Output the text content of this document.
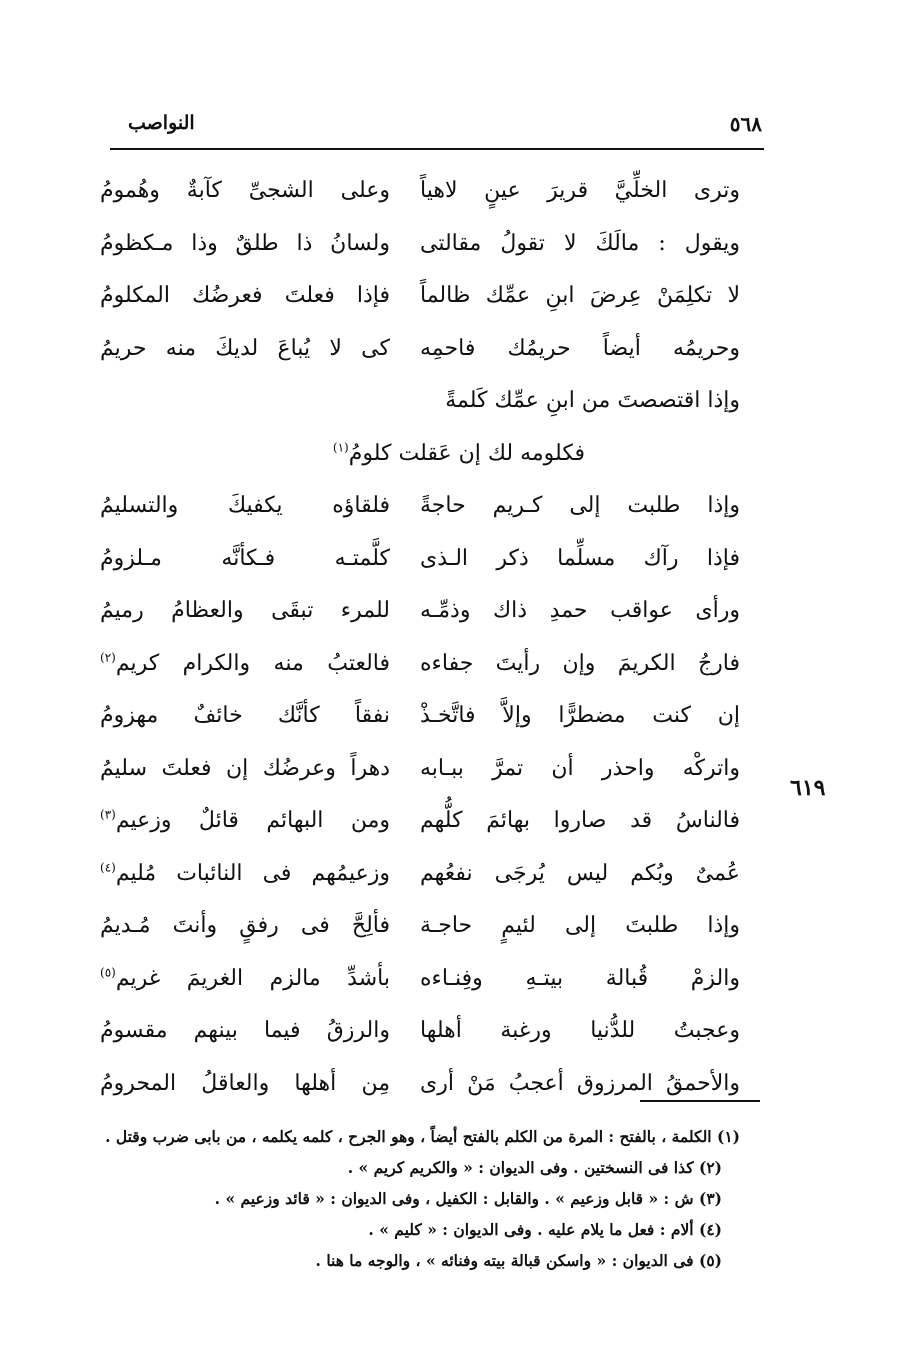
٥٦٨
النواصب
وترى الخلِّيَّ قريرَ عينٍ لاهياً
وعلى الشجىِّ كآبةٌ وهُمومُ
ويقول : مالَكَ لا تقولُ مقالتى
ولسانُ ذا طلقٌ وذا مـكظومُ
لا تكلِمَنْ عِرضَ ابنِ عمِّك ظالماً
فإذا فعلتَ فعرضُك المكلومُ
وحريمُه أيضاً حريمُك فاحمِه
كى لا يُباعَ لديكَ منه حريمُ
وإذا اقتصصتَ من ابنِ عمِّك كَلمةً
فكلومه لك إن عَقلت كلومُ$^{(١)}$
وإذا طلبت إلى كـريم حاجةً
فلقاؤه يكفيكَ والتسليمُ
فإذا رآك مسلِّما ذكر الـذى
كلَّمتـه فـكأنَّه مـلزومُ
ورأى عواقب حمدِ ذاك وذمِّـه
للمرء تبقَى والعظامُ رميمُ
فارجُ الكريمَ وإن رأيتَ جفاءه
فالعتبُ منه والكرام كريم$^{(٢)}$
إن كنت مضطرًّا وإلاَّ فاتَّخـذْ
نفقاً كأنَّك خائفٌ مهزومُ
واتركْه واحذر أن تمرَّ ببـابه
دهراً وعرضُك إن فعلتَ سليمُ
فالناسُ قد صاروا بهائمَ كلُّهم
ومن البهائم قائلٌ وزعيم$^{(٣)}$
عُمىٌ وبُكم ليس يُرجَى نفعُهم
وزعيمُهم فى النائبات مُليم$^{(٤)}$
وإذا طلبتَ إلى لئيمٍ حاجـة
فألِحَّ فى رفقٍ وأنتَ مُـديمُ
والزمْ قُبالة بيتـهِ وفِنـاءه
بأشدِّ مالزم الغريمَ غريم$^{(٥)}$
وعجبتُ للدُّنيا ورغبة أهلها
والرزقُ فيما بينهم مقسومُ
والأحمقُ المرزوق أعجبُ مَنْ أرى
مِن أهلها والعاقلُ المحرومُ
٦١٩
(١) الكلمة ، بالفتح : المرة من الكلم بالفتح أيضاً ، وهو الجرح ، كلمه يكلمه ، من بابى ضرب وقتل .
(٢) كذا فى النسختين . وفى الديوان : « والكريم كريم » .
(٣) ش : « قابل وزعيم » . والقابل : الكفيل ، وفى الديوان : « قائد وزعيم » .
(٤) ألام : فعل ما يلام عليه . وفى الديوان : « كليم » .
(٥) فى الديوان : « واسكن قبالة بيته وفنائه » ، والوجه ما هنا .
